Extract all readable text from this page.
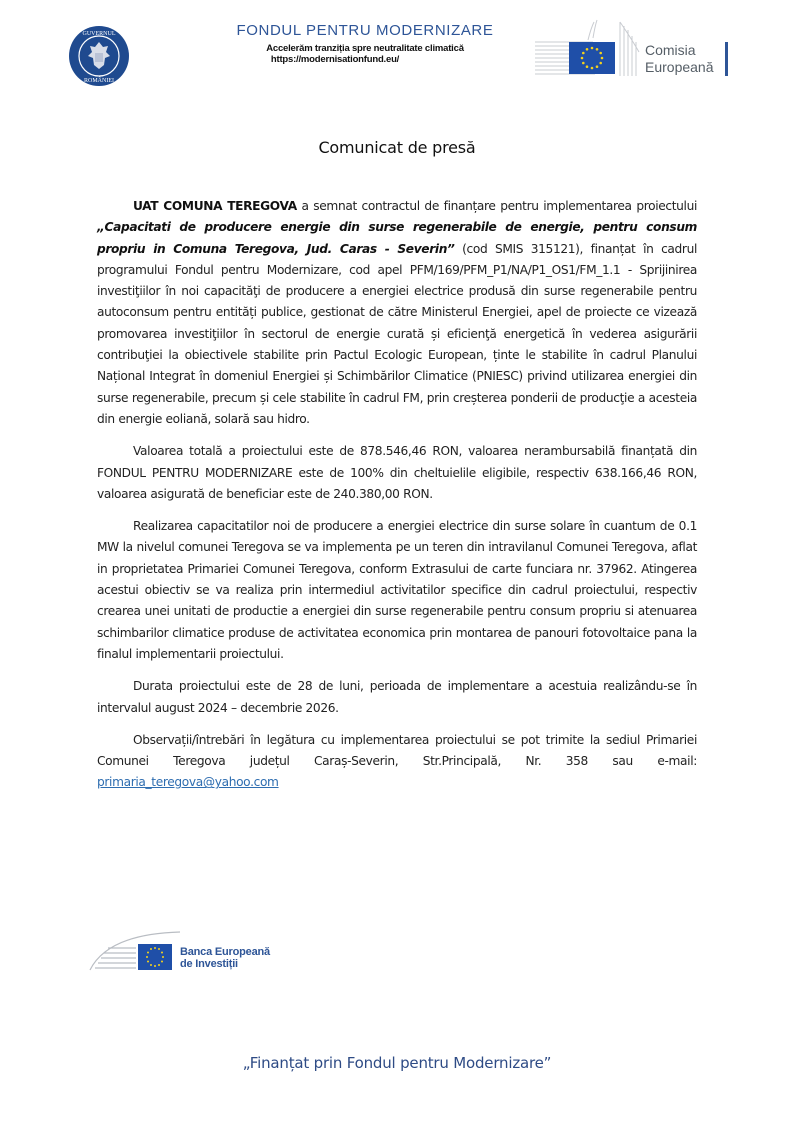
GUVERNUL
ROMÂNIEI
FONDUL PENTRU MODERNIZARE
Accelerăm tranziția spre neutralitate climatică
https://modernisationfund.eu/
Comisia
Europeană
Comunicat de presă

UAT COMUNA TEREGOVA a semnat contractul de finanțare pentru implementarea proiectului „Capacitati de producere energie din surse regenerabile de energie, pentru consum propriu in Comuna Teregova, Jud. Caras - Severin” (cod SMIS 315121), finanțat în cadrul programului Fondul pentru Modernizare, cod apel PFM/169/PFM_P1/NA/P1_OS1/FM_1.1 - Sprijinirea investiţiilor în noi capacităţi de producere a energiei electrice produsă din surse regenerabile pentru autoconsum pentru entități publice, gestionat de către Ministerul Energiei, apel de proiecte ce vizează promovarea investiţiilor în sectorul de energie curată și eficienţă energetică în vederea asigurării contribuţiei la obiectivele stabilite prin Pactul Ecologic European, ținte le stabilite în cadrul Planului Național Integrat în domeniul Energiei și Schimbărilor Climatice (PNIESC) privind utilizarea energiei din surse regenerabile, precum și cele stabilite în cadrul FM, prin creșterea ponderii de producţie a acesteia din energie eoliană, solară sau hidro.

Valoarea totală a proiectului este de 878.546,46 RON, valoarea nerambursabilă finanțată din FONDUL PENTRU MODERNIZARE este de 100% din cheltuielile eligibile, respectiv 638.166,46 RON, valoarea asigurată de beneficiar este de 240.380,00 RON.

Realizarea capacitatilor noi de producere a energiei electrice din surse solare în cuantum de 0.1 MW la nivelul comunei Teregova se va implementa pe un teren din intravilanul Comunei Teregova, aflat in proprietatea Primariei Comunei Teregova, conform Extrasului de carte funciara nr. 37962. Atingerea acestui obiectiv se va realiza prin intermediul activitatilor specifice din cadrul proiectului, respectiv crearea unei unitati de productie a energiei din surse regenerabile pentru consum propriu si atenuarea schimbarilor climatice produse de activitatea economica prin montarea de panouri fotovoltaice pana la finalul implementarii proiectului.

Durata proiectului este de 28 de luni, perioada de implementare a acestuia realizându-se în intervalul august 2024 – decembrie 2026.

Observații/întrebări în legătura cu implementarea proiectului se pot trimite la sediul Primariei Comunei Teregova județul Caraș-Severin, Str.Principală, Nr. 358 sau e-mail: primaria_teregova@yahoo.com

Banca Europeană
de Investiții
„Finanțat prin Fondul pentru Modernizare”
